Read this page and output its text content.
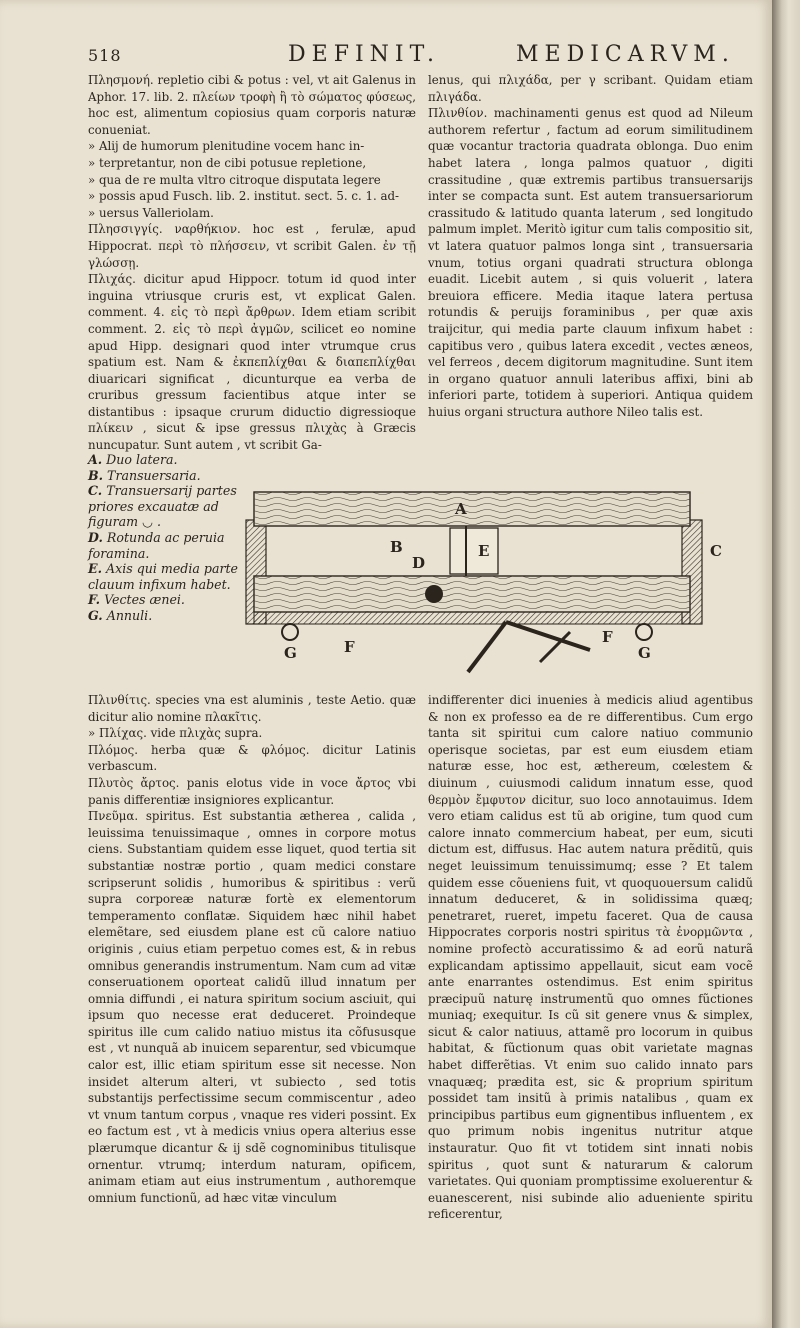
518	DEFINIT.	MEDICARVM.
Πλησμονή. repletio cibi & potus : vel, vt ait Galenus in Aphor. 17. lib. 2. πλείων τροφὴ ἢ τὸ σώματος φύσεως, hoc est, alimentum copiosius quam corporis naturæ conueniat.
» Alij de humorum plenitudine vocem hanc in-
» terpretantur, non de cibi potusue repletione,
» qua de re multa vltro citroque disputata legere
» possis apud Fusch. lib. 2. institut. sect. 5. c. 1. ad-
» uersus Valleriolam.
Πλησσιγγίς. ναρθήκιον. hoc est , ferulæ, apud Hippocrat. περὶ τὸ πλήσσειν, vt scribit Galen. ἐν τῇ γλώσσῃ.
Πλιχάς. dicitur apud Hippocr. totum id quod inter inguina vtriusque cruris est, vt explicat Galen. comment. 4. εἰς τὸ περὶ ἄρθρων. Idem etiam scribit comment. 2. εἰς τὸ περὶ ἀγμῶν, scilicet eo nomine apud Hipp. designari quod inter vtrumque crus spatium est. Nam & ἐκπεπλίχθαι & διαπεπλίχθαι diuaricari significat , dicunturque ea verba de cruribus gressum facientibus atque inter se distantibus : ipsaque crurum diductio digressioque πλίκειν , sicut & ipse gressus πλιχὰς à Græcis nuncupatur. Sunt autem , vt scribit Ga-
lenus, qui πλιχάδα, per γ scribant. Quidam etiam πλιγάδα.
Πλινθίον. machinamenti genus est quod ad Nileum authorem refertur , factum ad eorum similitudinem quæ vocantur tractoria quadrata oblonga. Duo enim habet latera , longa palmos quatuor , digiti crassitudine , quæ extremis partibus transuersarijs inter se compacta sunt. Est autem transuersariorum crassitudo & latitudo quanta laterum , sed longitudo palmum implet. Meritò igitur cum talis compositio sit, vt latera quatuor palmos longa sint , transuersaria vnum, totius organi quadrati structura oblonga euadit. Licebit autem , si quis voluerit , latera breuiora efficere. Media itaque latera pertusa rotundis & peruijs foraminibus , per quæ axis traijcitur, qui media parte clauum infixum habet : capitibus vero , quibus latera excedit , vectes æneos, vel ferreos , decem digitorum magnitudine. Sunt item in organo quatuor annuli lateribus affixi, bini ab inferiori parte, totidem à superiori. Antiqua quidem huius organi structura authore Nileo talis est.

A. Duo latera.

B. Transuersaria.

C. Transuersarij partes priores excauatæ ad figuram ◡ .

D. Rotunda ac peruia foramina.

E. Axis qui media parte clauum infixum habet.

F. Vectes ænei.

G. Annuli.

A
B	C
D
E
F
F
G	G
Πλινθίτις. species vna est aluminis , teste Aetio. quæ dicitur alio nomine πλακῖτις.
» Πλίχας. vide πλιχὰς supra.
Πλόμος. herba quæ & φλόμος. dicitur Latinis verbascum.
Πλυτὸς ἄρτος. panis elotus vide in voce ἄρτος vbi panis differentiæ insigniores explicantur.
Πνεῦμα. spiritus. Est substantia ætherea , calida , leuissima tenuissimaque , omnes in corpore motus ciens. Substantiam quidem esse liquet, quod tertia sit substantiæ nostræ portio , quam medici constare scripserunt solidis , humoribus & spiritibus : verũ supra corporeæ naturæ fortè ex elementorum temperamento conflatæ. Siquidem hæc nihil habet elemẽtare, sed eiusdem plane est cũ calore natiuo originis , cuius etiam perpetuo comes est, & in rebus omnibus generandis instrumentum. Nam cum ad vitæ conseruationem oporteat calidũ illud innatum per omnia diffundi , ei natura spiritum socium asciuit, qui ipsum quo necesse erat deduceret. Proindeque spiritus ille cum calido natiuo mistus ita cõfususque est , vt nunquã ab inuicem separentur, sed vbicumque calor est, illic etiam spiritum esse sit necesse. Non insidet alterum alteri, vt subiecto , sed totis substantijs perfectissime secum commiscentur , adeo vt vnum tantum corpus , vnaque res videri possint. Ex eo factum est , vt à medicis vnius opera alterius esse plærumque dicantur & ij sdẽ cognominibus titulisque ornentur. vtrumq; interdum naturam, opificem, animam etiam aut eius instrumentum , authoremque omnium functionũ, ad hæc vitæ vinculum
indifferenter dici inuenies à medicis aliud agentibus & non ex professo ea de re differentibus. Cum ergo tanta sit spiritui cum calore natiuo communio operisque societas, par est eum eiusdem etiam naturæ esse, hoc est, æthereum, cœlestem & diuinum , cuiusmodi calidum innatum esse, quod θερμὸν ἔμφυτον dicitur, suo loco annotauimus. Idem vero etiam calidus est tũ ab origine, tum quod cum calore innato commercium habeat, per eum, sicuti dictum est, diffusus. Hac autem natura prẽditũ, quis neget leuissimum tenuissimumq; esse ? Et talem quidem esse cõueniens fuit, vt quoquouersum calidũ innatum deduceret, & in solidissima quæq; penetraret, rueret, impetu faceret. Qua de causa Hippocrates corporis nostri spiritus τὰ ἐνορμῶντα , nomine profectò accuratissimo & ad eorũ naturã explicandam aptissimo appellauit, sicut eam vocẽ ante enarrantes ostendimus. Est enim spiritus præcipuũ naturę instrumentũ quo omnes fũctiones muniaq; exequitur. Is cũ sit genere vnus & simplex, sicut & calor natiuus, attamẽ pro locorum in quibus habitat, & fũctionum quas obit varietate magnas habet differẽtias. Vt enim suo calido innato pars vnaquæq; prædita est, sic & proprium spiritum possidet tam insitũ à primis natalibus , quam ex principibus partibus eum gignentibus influentem , ex quo primum nobis ingenitus nutritur atque instauratur. Quo fit vt totidem sint innati nobis spiritus , quot sunt & naturarum & calorum varietates. Qui quoniam promptissime exoluerentur & euanescerent, nisi subinde alio adueniente spiritu reficerentur,
